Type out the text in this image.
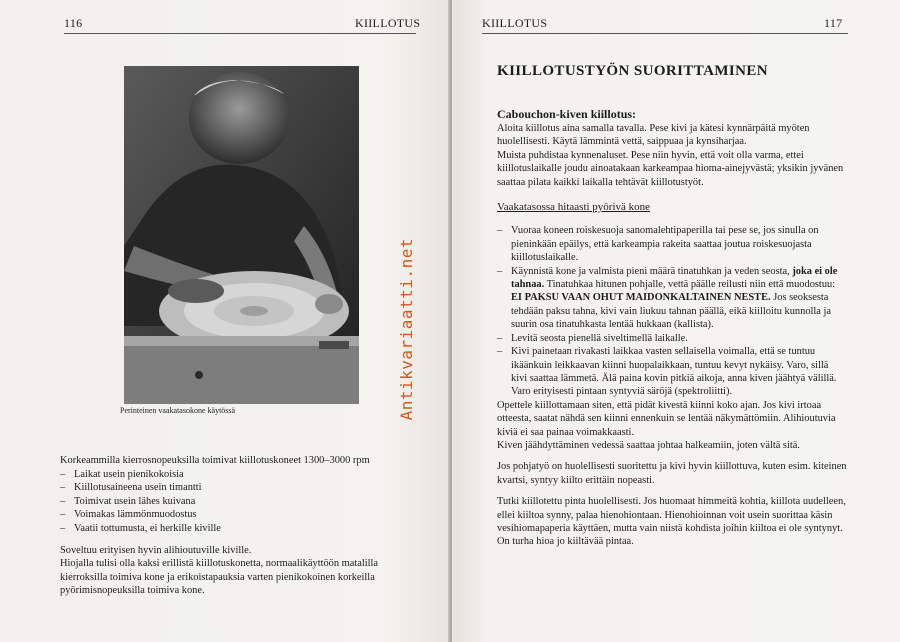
116	KIILLOTUS
Perinteinen vaakatasokone käytössä

Korkeammilla kierrosnopeuksilla toimivat kiillotuskoneet 1300–3000 rpm

– Laikat usein pienikokoisia
– Kiillotusaineena usein timantti
– Toimivat usein lähes kuivana
– Voimakas lämmönmuodostus
– Vaatii tottumusta, ei herkille kiville

Soveltuu erityisen hyvin alihioutuville kiville.

Hiojalla tulisi olla kaksi erillistä kiillotuskonetta, normaalikäyttöön matalilla kierroksilla toimiva kone ja erikoistapauksia varten pienikokoinen korkeilla pyörimisnopeuksilla toimiva kone.

KIILLOTUS	117
Antikvariaatti.net
KIILLOTUSTYÖN SUORITTAMINEN

Cabouchon-kiven kiillotus:

Aloita kiillotus aina samalla tavalla. Pese kivi ja kätesi kynnärpäitä myöten huolellisesti. Käytä lämmintä vettä, saippuaa ja kynsiharjaa.

Muista puhdistaa kynnenaluset. Pese niin hyvin, että voit olla varma, ettei kiillotuslaikalle joudu ainoatakaan karkeampaa hioma-ainejyvästä; yksikin jyvänen saattaa pilata kaikki laikalla tehtävät kiillotustyöt.

Vaakatasossa hitaasti pyörivä kone

– Vuoraa koneen roiskesuoja sanomalehtipaperilla tai pese se, jos sinulla on pieninkään epäilys, että karkeampia rakeita saattaa joutua roiskesuojasta kiillotuslaikalle.
– Käynnistä kone ja valmista pieni määrä tinatuhkan ja veden seosta, joka ei ole tahnaa. Tinatuhkaa hitunen pohjalle, vettä päälle reilusti niin että muodostuu: EI PAKSU VAAN OHUT MAIDONKALTAINEN NESTE. Jos seoksesta tehdään paksu tahna, kivi vain liukuu tahnan päällä, eikä kiilloitu kunnolla ja suurin osa tinatuhkasta lentää hukkaan (kallista).
– Levitä seosta pienellä siveltimellä laikalle.
– Kivi painetaan rivakasti laikkaa vasten sellaisella voimalla, että se tuntuu ikäänkuin leikkaavan kiinni huopalaikkaan, tuntuu kevyt nykäisy. Varo, sillä kivi saattaa lämmetä. Älä paina kovin pitkiä aikoja, anna kiven jäähtyä välillä. Varo erityisesti pintaan syntyviä säröjä (spektroliitti).

Opettele kiillottamaan siten, että pidät kivestä kiinni koko ajan. Jos kivi irtoaa otteesta, saatat nähdä sen kiinni ennenkuin se lentää näkymättömiin. Alihioutuvia kiviä ei saa painaa voimakkaasti.

Kiven jäähdyttäminen vedessä saattaa johtaa halkeamiin, joten vältä sitä.

Jos pohjatyö on huolellisesti suoritettu ja kivi hyvin kiillottuva, kuten esim. kiteinen kvartsi, syntyy kiilto erittäin nopeasti.

Tutki kiillotettu pinta huolellisesti. Jos huomaat himmeitä kohtia, kiillota uudelleen, ellei kiiltoa synny, palaa hienohiontaan. Hienohioinnan voit usein suorittaa käsin vesihiomapaperia käyttäen, mutta vain niistä kohdista joihin kiiltoa ei ole syntynyt. On turha hioa jo kiiltävää pintaa.
